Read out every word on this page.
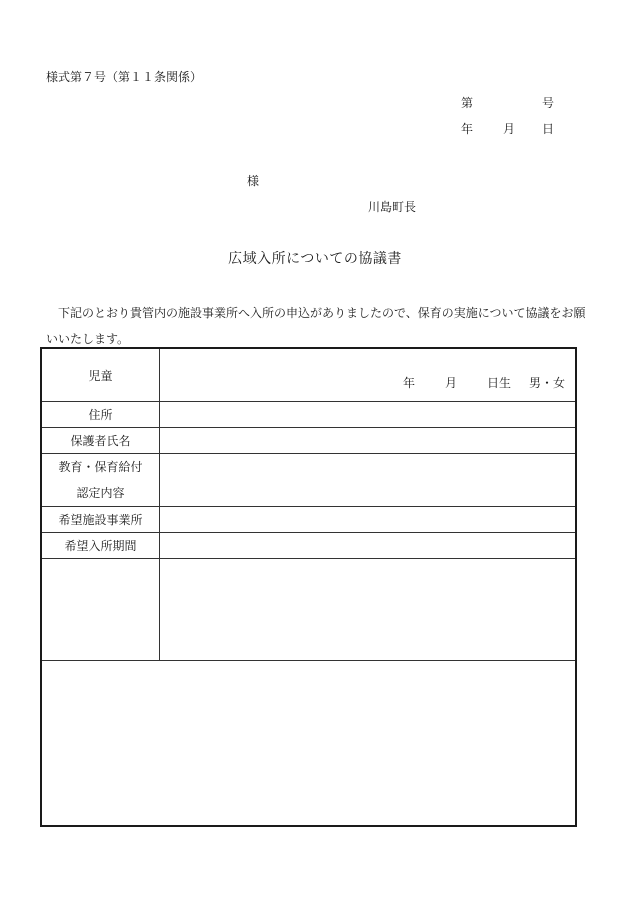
様式第７号（第１１条関係）
第	号
年 月 日
様
川島町長
広域入所についての協議書
下記のとおり貴管内の施設事業所へ入所の申込がありましたので、保育の実施について協議をお願いいたします。
児童	年 月 日生 男・女

住所	
保護者氏名	

教育・保育給付
認定内容	

希望施設事業所	
希望入所期間	
